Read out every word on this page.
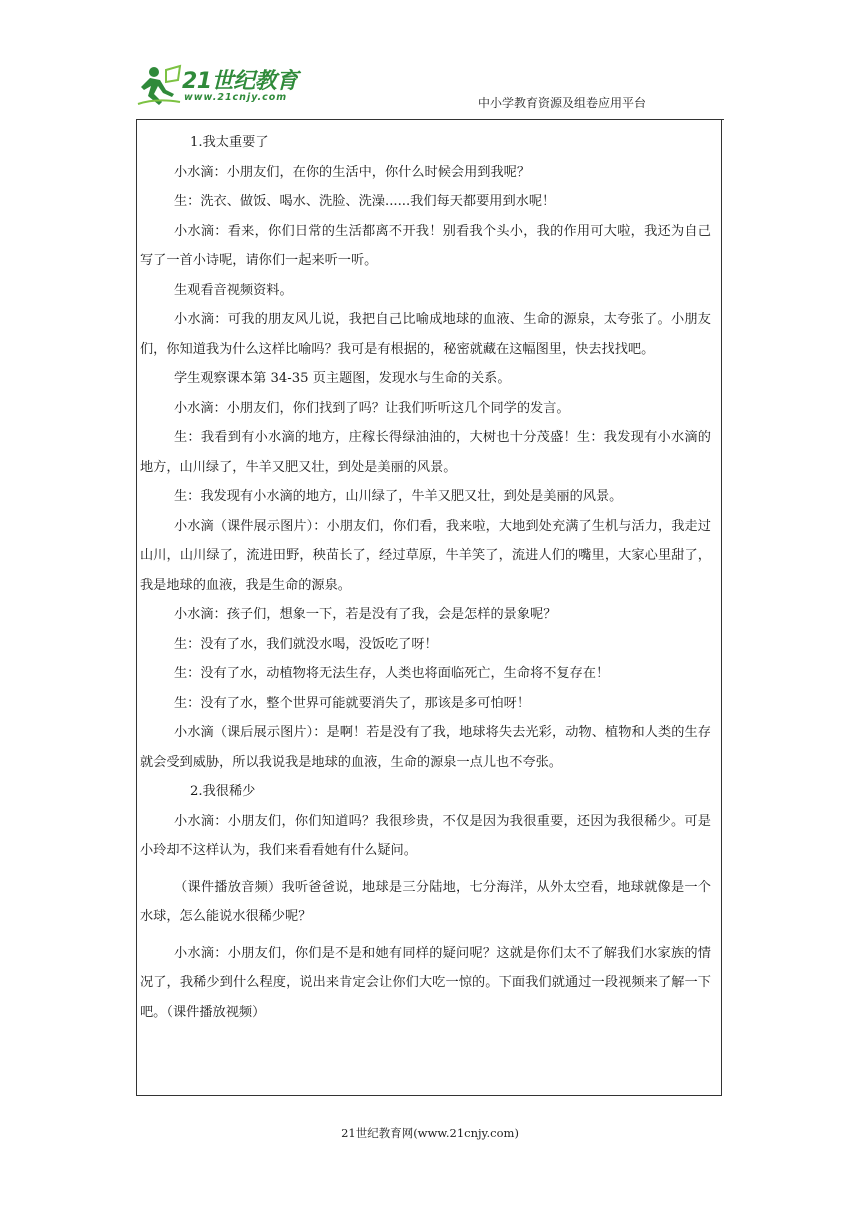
21世纪教育
www.21cnjy.com	中小学教育资源及组卷应用平台

1.我太重要了

小水滴：小朋友们，在你的生活中，你什么时候会用到我呢？

生：洗衣、做饭、喝水、洗脸、洗澡......我们每天都要用到水呢！

小水滴：看来，你们日常的生活都离不开我！别看我个头小，我的作用可大啦，我还为自己写了一首小诗呢，请你们一起来听一听。

生观看音视频资料。

小水滴：可我的朋友风儿说，我把自己比喻成地球的血液、生命的源泉，太夸张了。小朋友们，你知道我为什么这样比喻吗？我可是有根据的，秘密就藏在这幅图里，快去找找吧。

学生观察课本第 34-35 页主题图，发现水与生命的关系。

小水滴：小朋友们，你们找到了吗？让我们听听这几个同学的发言。

生：我看到有小水滴的地方，庄稼长得绿油油的，大树也十分茂盛！生：我发现有小水滴的地方，山川绿了，牛羊又肥又壮，到处是美丽的风景。

生：我发现有小水滴的地方，山川绿了，牛羊又肥又壮，到处是美丽的风景。

小水滴（课件展示图片）：小朋友们，你们看，我来啦，大地到处充满了生机与活力，我走过山川，山川绿了，流进田野，秧苗长了，经过草原，牛羊笑了，流进人们的嘴里，大家心里甜了，我是地球的血液，我是生命的源泉。

小水滴：孩子们，想象一下，若是没有了我，会是怎样的景象呢？

生：没有了水，我们就没水喝，没饭吃了呀！

生：没有了水，动植物将无法生存，人类也将面临死亡，生命将不复存在！

生：没有了水，整个世界可能就要消失了，那该是多可怕呀！

小水滴（课后展示图片）：是啊！若是没有了我，地球将失去光彩，动物、植物和人类的生存就会受到威胁，所以我说我是地球的血液，生命的源泉一点儿也不夸张。

2.我很稀少

小水滴：小朋友们，你们知道吗？我很珍贵，不仅是因为我很重要，还因为我很稀少。可是小玲却不这样认为，我们来看看她有什么疑问。

（课件播放音频）我听爸爸说，地球是三分陆地，七分海洋，从外太空看，地球就像是一个水球，怎么能说水很稀少呢？

小水滴：小朋友们，你们是不是和她有同样的疑问呢？这就是你们太不了解我们水家族的情况了，我稀少到什么程度，说出来肯定会让你们大吃一惊的。下面我们就通过一段视频来了解一下吧。（课件播放视频）

21世纪教育网(www.21cnjy.com)
